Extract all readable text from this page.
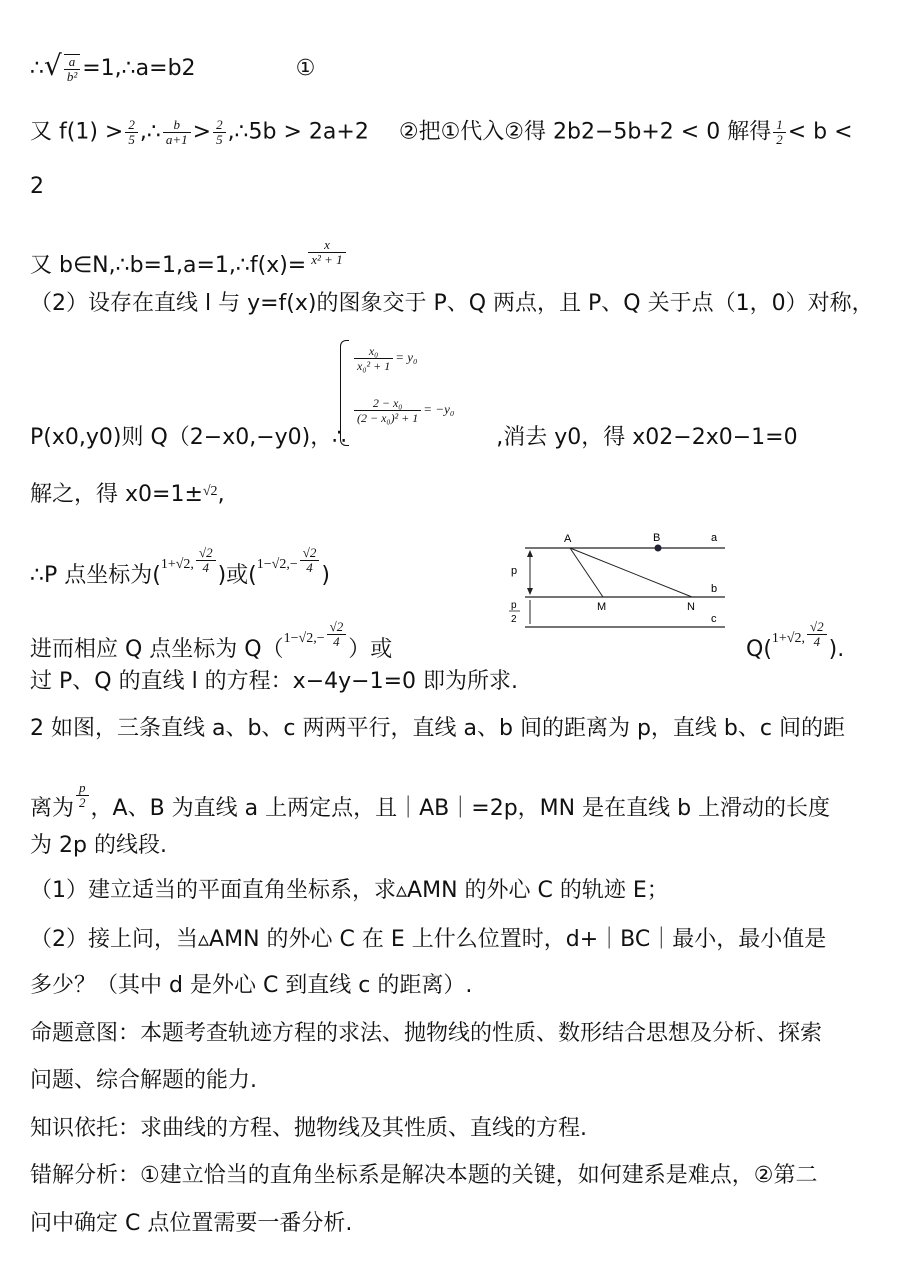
∴√ $\frac{a}{\text{b²}}$ =1,∴a=b2	①
又 $f(1) > \frac{2}{5}$ ,∴ $\frac{b}{a+1} > \frac{2}{5}$ ,∴5b > 2a+2 ②把①代入②得 2b2−5b+2 < 0 解得 $\frac{1}{2} < b$ <
2
又 b∈N,∴b=1,a=1,∴f(x)= $\frac{x}{\text{x² + 1}}$
（2）设存在直线 l 与 y=f(x)的图象交于 P、Q 两点，且 P、Q 关于点（1，0）对称，
$\frac{\text{x₀}}{\text{x₀² + 1}} = y_0$
$\frac{\text{2 − x₀}}{\text{(2 − x₀)² + 1}} = -y_0$
P(x0,y0)则 Q（2−x0,−y0)，∴	,消去 y0，得 x02−2x0−1=0
解之，得 x0=1±√2,
∴P 点坐标为(1+√2, $\frac{√2}{4}$
)或($1-√2,- \frac{√2}{4}$
)
进而相应 Q 点坐标为 $Q(1-√2,- \frac{√2}{4}$
）或	Q(1+√2, $\frac{√2}{4}$
).
A	B	a
b
c
M	N
p
p
2
过 P、Q 的直线 l 的方程：x−4y−1=0 即为所求.
2 如图，三条直线 a、b、c 两两平行，直线 a、b 间的距离为 p，直线 b、c 间的距
离为 $\frac{p}{2}$ ，A、B 为直线 a 上两定点，且｜AB｜=2p，MN 是在直线 b 上滑动的长度
为 2p 的线段.
（1）建立适当的平面直角坐标系，求▵AMN 的外心 C 的轨迹 E；
（2）接上问，当▵AMN 的外心 C 在 E 上什么位置时，d+｜BC｜最小，最小值是
多少？（其中 d 是外心 C 到直线 c 的距离）.
命题意图：本题考查轨迹方程的求法、抛物线的性质、数形结合思想及分析、探索
问题、综合解题的能力.
知识依托：求曲线的方程、抛物线及其性质、直线的方程.
错解分析：①建立恰当的直角坐标系是解决本题的关键，如何建系是难点，②第二
问中确定 C 点位置需要一番分析.
